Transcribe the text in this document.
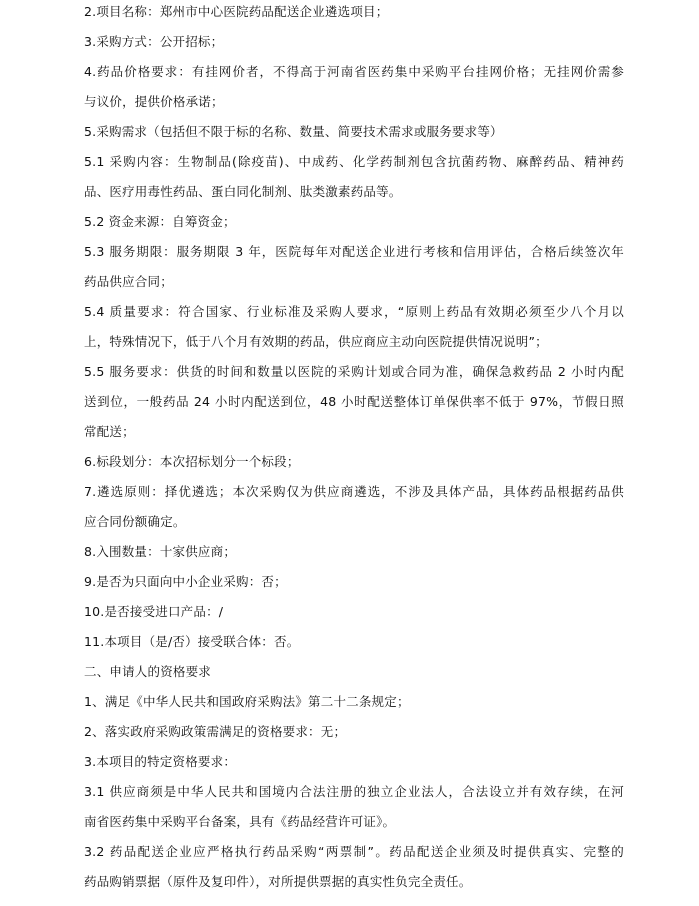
2.项目名称：郑州市中心医院药品配送企业遴选项目；
3.采购方式：公开招标；
4.药品价格要求：有挂网价者，不得高于河南省医药集中采购平台挂网价格；无挂网价需参
与议价，提供价格承诺；
5.采购需求（包括但不限于标的名称、数量、简要技术需求或服务要求等）
5.1 采购内容：生物制品(除疫苗)、中成药、化学药制剂包含抗菌药物、麻醉药品、精神药
品、医疗用毒性药品、蛋白同化制剂、肽类激素药品等。
5.2 资金来源：自筹资金；
5.3 服务期限：服务期限 3 年，医院每年对配送企业进行考核和信用评估，合格后续签次年
药品供应合同；
5.4 质量要求：符合国家、行业标准及采购人要求，“原则上药品有效期必须至少八个月以
上，特殊情况下，低于八个月有效期的药品，供应商应主动向医院提供情况说明”；
5.5 服务要求：供货的时间和数量以医院的采购计划或合同为准，确保急救药品 2 小时内配
送到位，一般药品 24 小时内配送到位，48 小时配送整体订单保供率不低于 97%，节假日照
常配送；
6.标段划分：本次招标划分一个标段；
7.遴选原则：择优遴选；本次采购仅为供应商遴选，不涉及具体产品，具体药品根据药品供
应合同份额确定。
8.入围数量：十家供应商；
9.是否为只面向中小企业采购：否；
10.是否接受进口产品：/
11.本项目（是/否）接受联合体：否。
二、申请人的资格要求
1、满足《中华人民共和国政府采购法》第二十二条规定；
2、落实政府采购政策需满足的资格要求：无；
3.本项目的特定资格要求：
3.1 供应商须是中华人民共和国境内合法注册的独立企业法人，合法设立并有效存续，在河
南省医药集中采购平台备案，具有《药品经营许可证》。
3.2 药品配送企业应严格执行药品采购“两票制”。药品配送企业须及时提供真实、完整的
药品购销票据（原件及复印件），对所提供票据的真实性负完全责任。
